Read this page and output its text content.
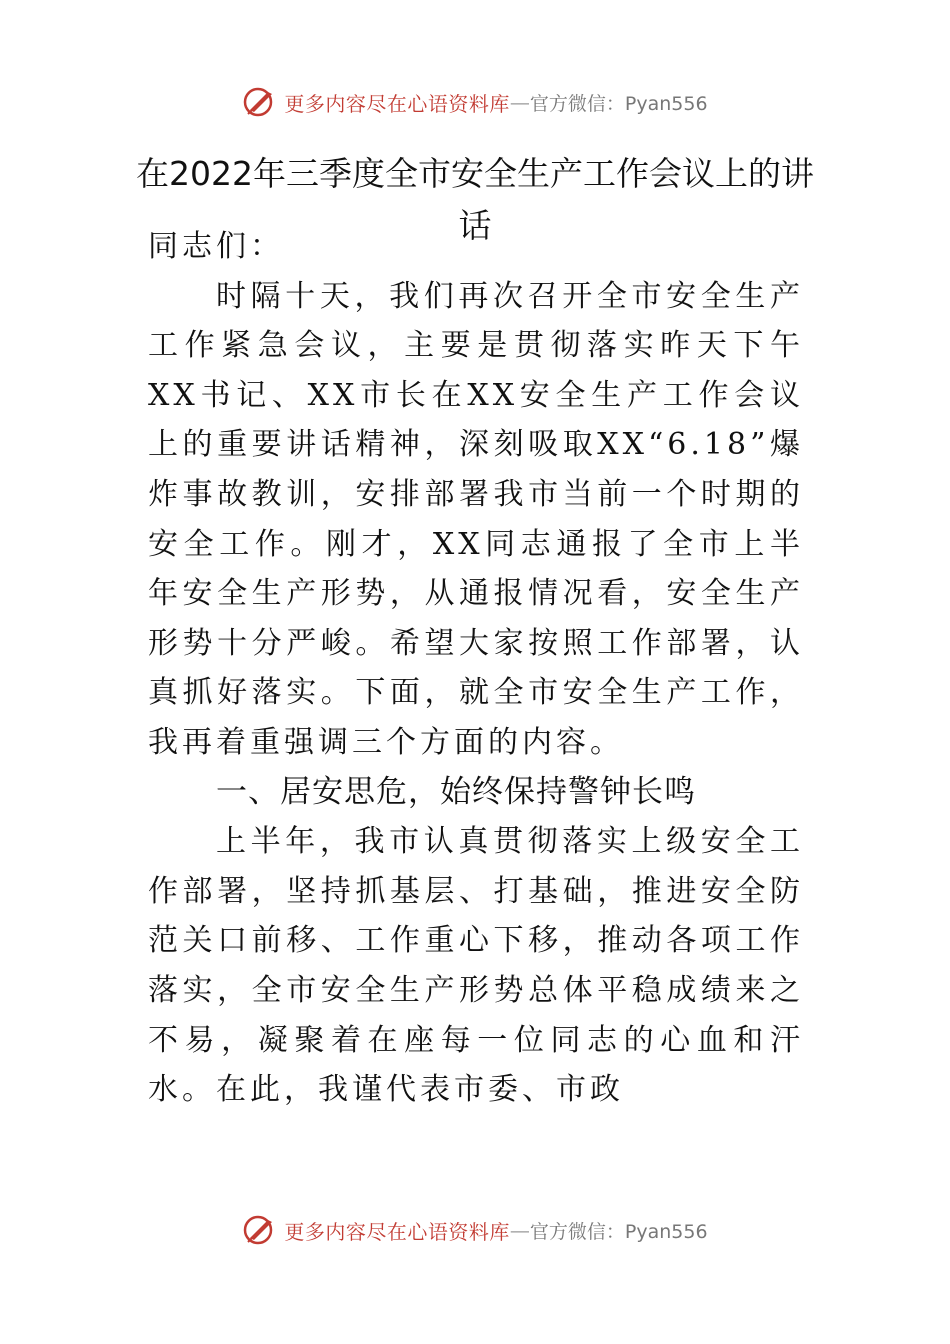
更多内容尽在心语资料库 — 官方微信：Pyan556
在2022年三季度全市安全生产工作会议上的讲话

同志们：

时隔十天，我们再次召开全市安全生产工作紧急会议，主要是贯彻落实昨天下午XX书记、XX市长在XX安全生产工作会议上的重要讲话精神，深刻吸取XX“6.18”爆炸事故教训，安排部署我市当前一个时期的安全工作。刚才，XX同志通报了全市上半年安全生产形势，从通报情况看，安全生产形势十分严峻。希望大家按照工作部署，认真抓好落实。下面，就全市安全生产工作，我再着重强调三个方面的内容。

一、居安思危，始终保持警钟长鸣

上半年，我市认真贯彻落实上级安全工作部署，坚持抓基层、打基础，推进安全防范关口前移、工作重心下移，推动各项工作落实，全市安全生产形势总体平稳成绩来之不易，凝聚着在座每一位同志的心血和汗水。在此，我谨代表市委、市政

更多内容尽在心语资料库 — 官方微信：Pyan556
